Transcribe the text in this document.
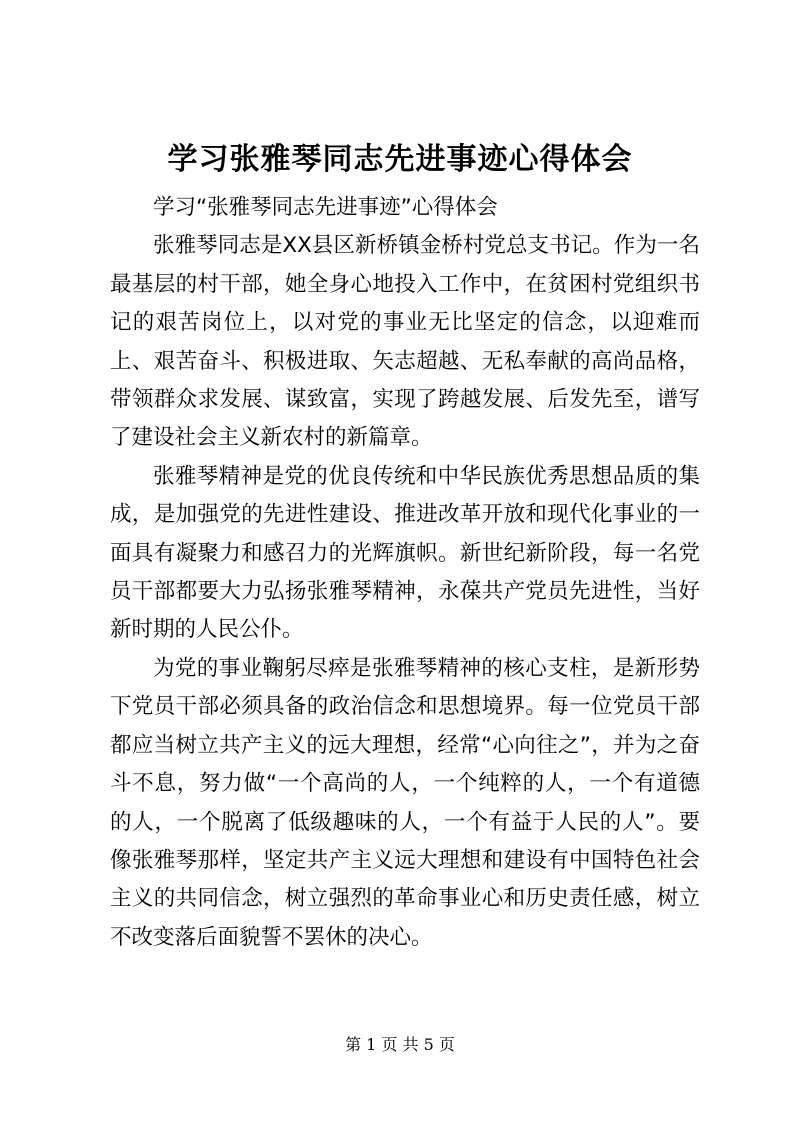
学习张雅琴同志先进事迹心得体会

学习“张雅琴同志先进事迹”心得体会

张雅琴同志是XX县区新桥镇金桥村党总支书记。作为一名最基层的村干部，她全身心地投入工作中，在贫困村党组织书记的艰苦岗位上，以对党的事业无比坚定的信念，以迎难而上、艰苦奋斗、积极进取、矢志超越、无私奉献的高尚品格，带领群众求发展、谋致富，实现了跨越发展、后发先至，谱写了建设社会主义新农村的新篇章。

张雅琴精神是党的优良传统和中华民族优秀思想品质的集成，是加强党的先进性建设、推进改革开放和现代化事业的一面具有凝聚力和感召力的光辉旗帜。新世纪新阶段，每一名党员干部都要大力弘扬张雅琴精神，永葆共产党员先进性，当好新时期的人民公仆。

为党的事业鞠躬尽瘁是张雅琴精神的核心支柱，是新形势下党员干部必须具备的政治信念和思想境界。每一位党员干部都应当树立共产主义的远大理想，经常“心向往之”，并为之奋斗不息，努力做“一个高尚的人，一个纯粹的人，一个有道德的人，一个脱离了低级趣味的人，一个有益于人民的人”。要像张雅琴那样，坚定共产主义远大理想和建设有中国特色社会主义的共同信念，树立强烈的革命事业心和历史责任感，树立不改变落后面貌誓不罢休的决心。

第 1 页 共 5 页
